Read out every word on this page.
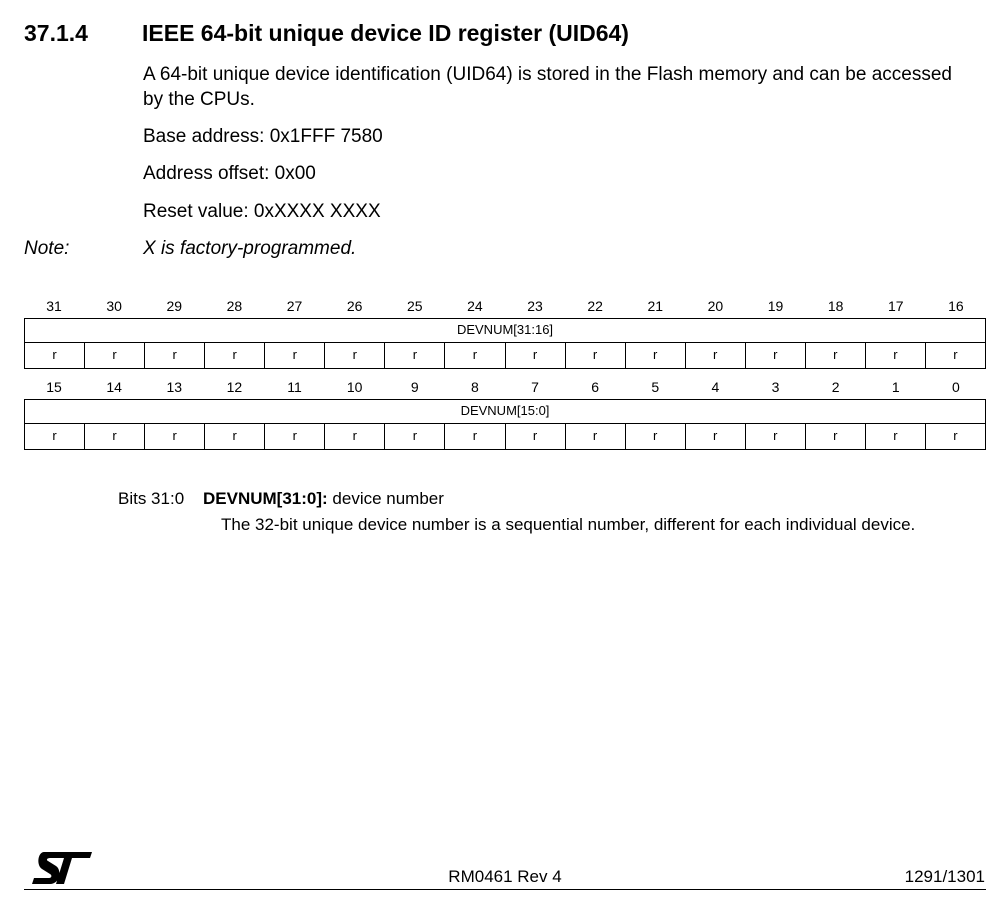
37.1.4 IEEE 64-bit unique device ID register (UID64)
A 64-bit unique device identification (UID64) is stored in the Flash memory and can be accessed by the CPUs.
Base address: 0x1FFF 7580
Address offset: 0x00
Reset value: 0xXXXX XXXX
Note:	X is factory-programmed.
31	30	29	28	27	26	25	24	23	22	21	20	19	18	17	16
DEVNUM[31:16]
r	r	r	r	r	r	r	r	r	r	r	r	r	r	r	r
15	14	13	12	11	10	9	8	7	6	5	4	3	2	1	0
DEVNUM[15:0]
r	r	r	r	r	r	r	r	r	r	r	r	r	r	r	r
Bits 31:0 DEVNUM[31:0]: device number
The 32-bit unique device number is a sequential number, different for each individual device.
RM0461 Rev 4	1291/1301
